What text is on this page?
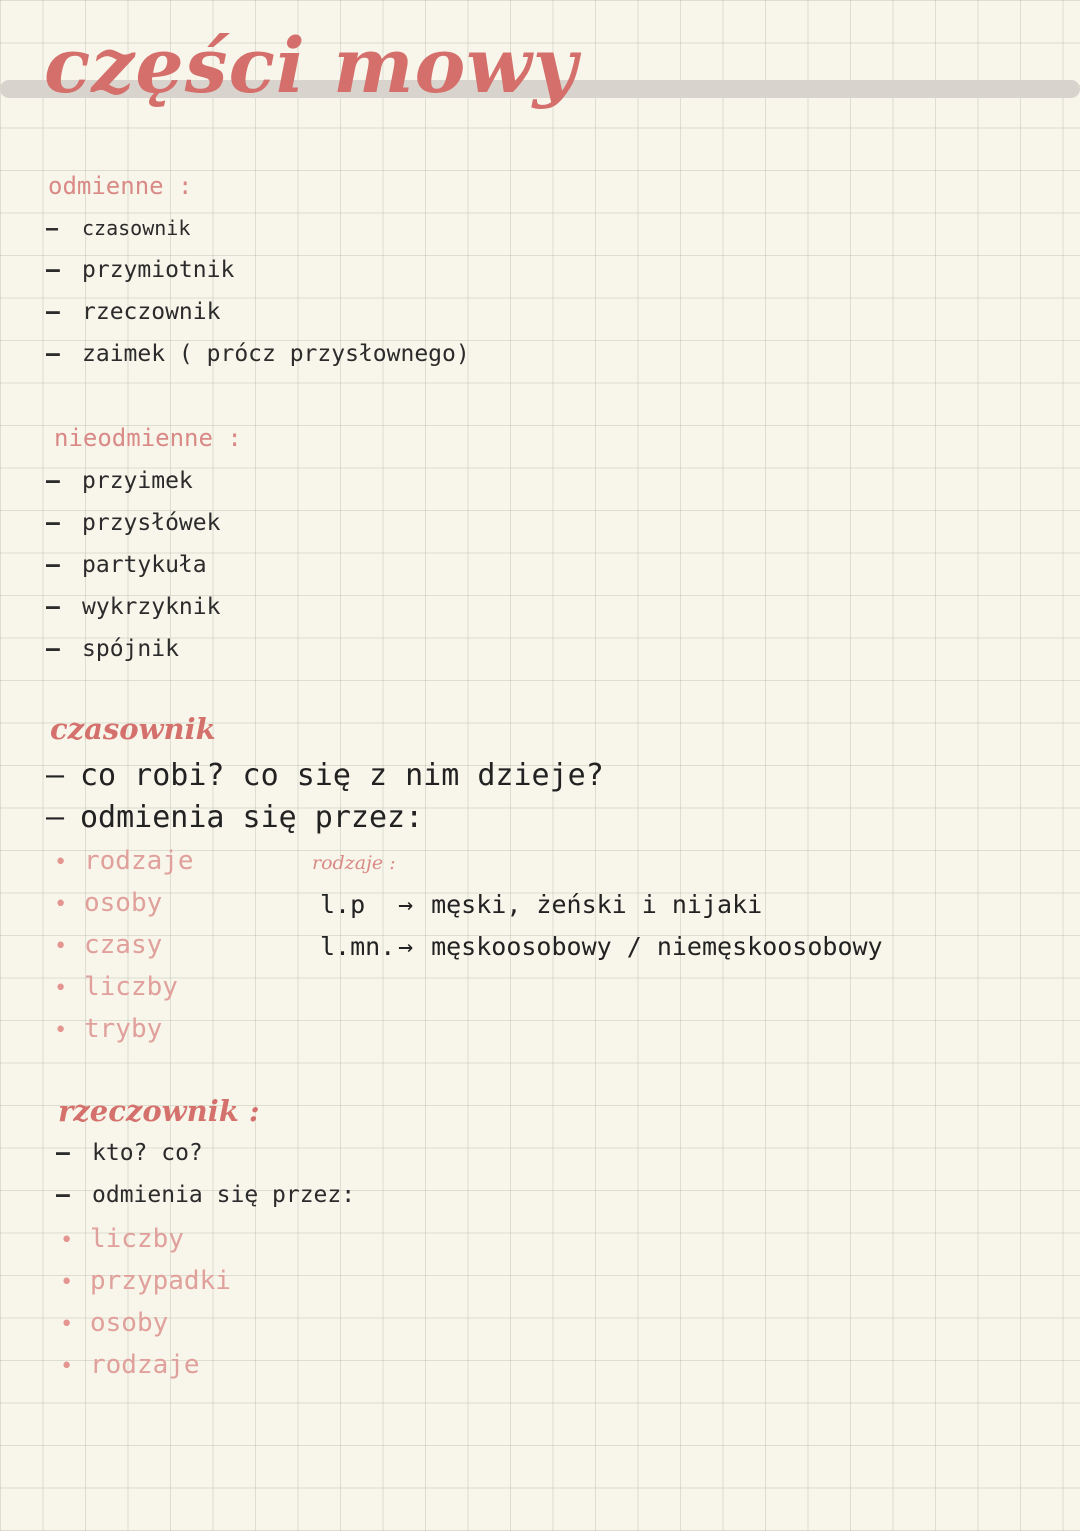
części mowy
odmienne :
– czasownik
– przymiotnik
– rzeczownik
– zaimek ( prócz przysłownego)
nieodmienne :
– przyimek
– przysłówek
– partykuła
– wykrzyknik
– spójnik
czasownik
– co robi? co się z nim dzieje?
– odmienia się przez:
• rodzaje
• osoby
• czasy
• liczby
• tryby
rodzaje :
l.p → męski, żeński i nijaki
l.mn. → męskoosobowy / niemęskoosobowy
rzeczownik :
– kto? co?
– odmienia się przez:
• liczby
• przypadki
• osoby
• rodzaje
